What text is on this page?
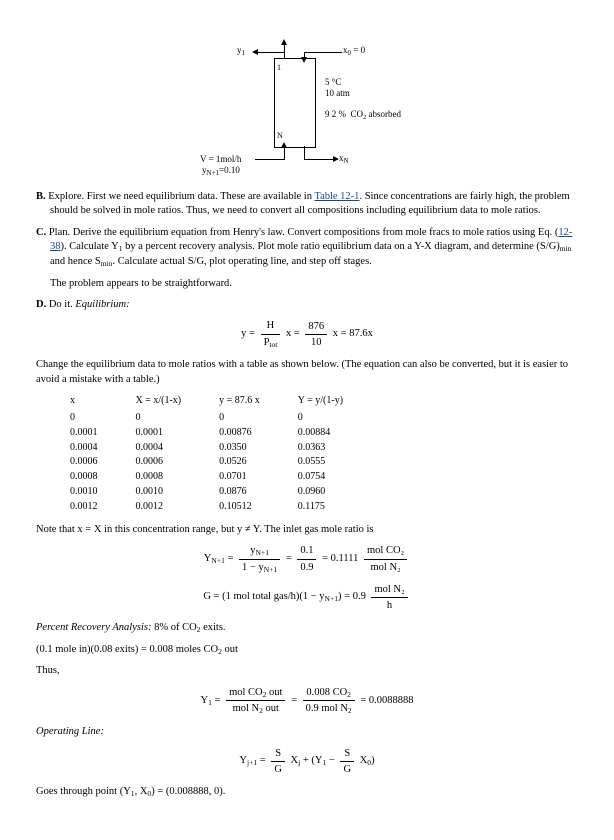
1
N
$y_1$	$x_0 = 0$
$x_N$
V = 1mol/h
$y_{N+1}=0.10$
5 °C
10 atm
9 2 %  $CO_2$ absorbed

B. Explore. First we need equilibrium data. These are available in Table 12-1. Since concentrations are fairly high, the problem should be solved in mole ratios. Thus, we need to convert all compositions including equilibrium data to mole ratios.

C. Plan. Derive the equilibrium equation from Henry's law. Convert compositions from mole fracs to mole ratios using Eq. (12-38). Calculate $Y_1$ by a percent recovery analysis. Plot mole ratio equilibrium data on a Y-X diagram, and determine $(S/G)_{min}$ and hence $S_{min}$. Calculate actual S/G, plot operating line, and step off stages.

The problem appears to be straightforward.

D. Do it. Equilibrium:

$y = \frac{H}{P_{tot}}$ $x = \frac{876}{10}$ x = 87.6x

Change the equilibrium data to mole ratios with a table as shown below. (The equation can also be converted, but it is easier to avoid a mistake with a table.)

x	X = x/(1-x)	y = 87.6 x	Y = y/(1-y)
0	0	0	0
0.0001	0.0001	0.00876	0.00884
0.0004	0.0004	0.0350	0.0363
0.0006	0.0006	0.0526	0.0555
0.0008	0.0008	0.0701	0.0754
0.0010	0.0010	0.0876	0.0960
0.0012	0.0012	0.10512	0.1175

Note that x = X in this concentration range, but y ≠ Y. The inlet gas mole ratio is

$Y_{N+1} = \frac{y_{N+1}}{1 - y_{N+1}} = \frac{0.1}{0.9} = 0.1111 \frac{\text{mol CO₂}}{\text{mol N₂}}$
G = (1 mol total $gas/h)(1 - y_{N+1}) = 0.9 \frac{\text{mol N₂}}{h}$

Percent Recovery Analysis: 8% of $CO_2$ exits.

(0.1 mole in)(0.08 exits) = 0.008 moles $CO_2$ out

Thus,

$Y_1 = \frac{mol CO_2 out}{mol N_2 out} = \frac{0.008 CO_2}{0.9 mol N_2} = 0.0088888$

Operating Line:

$Y_{j+1} = \frac{S}{G} X_j + (Y_1 - \frac{S}{G} X_0)$

Goes through point ($Y_1$, $X_0) = (0.008888$, 0).
